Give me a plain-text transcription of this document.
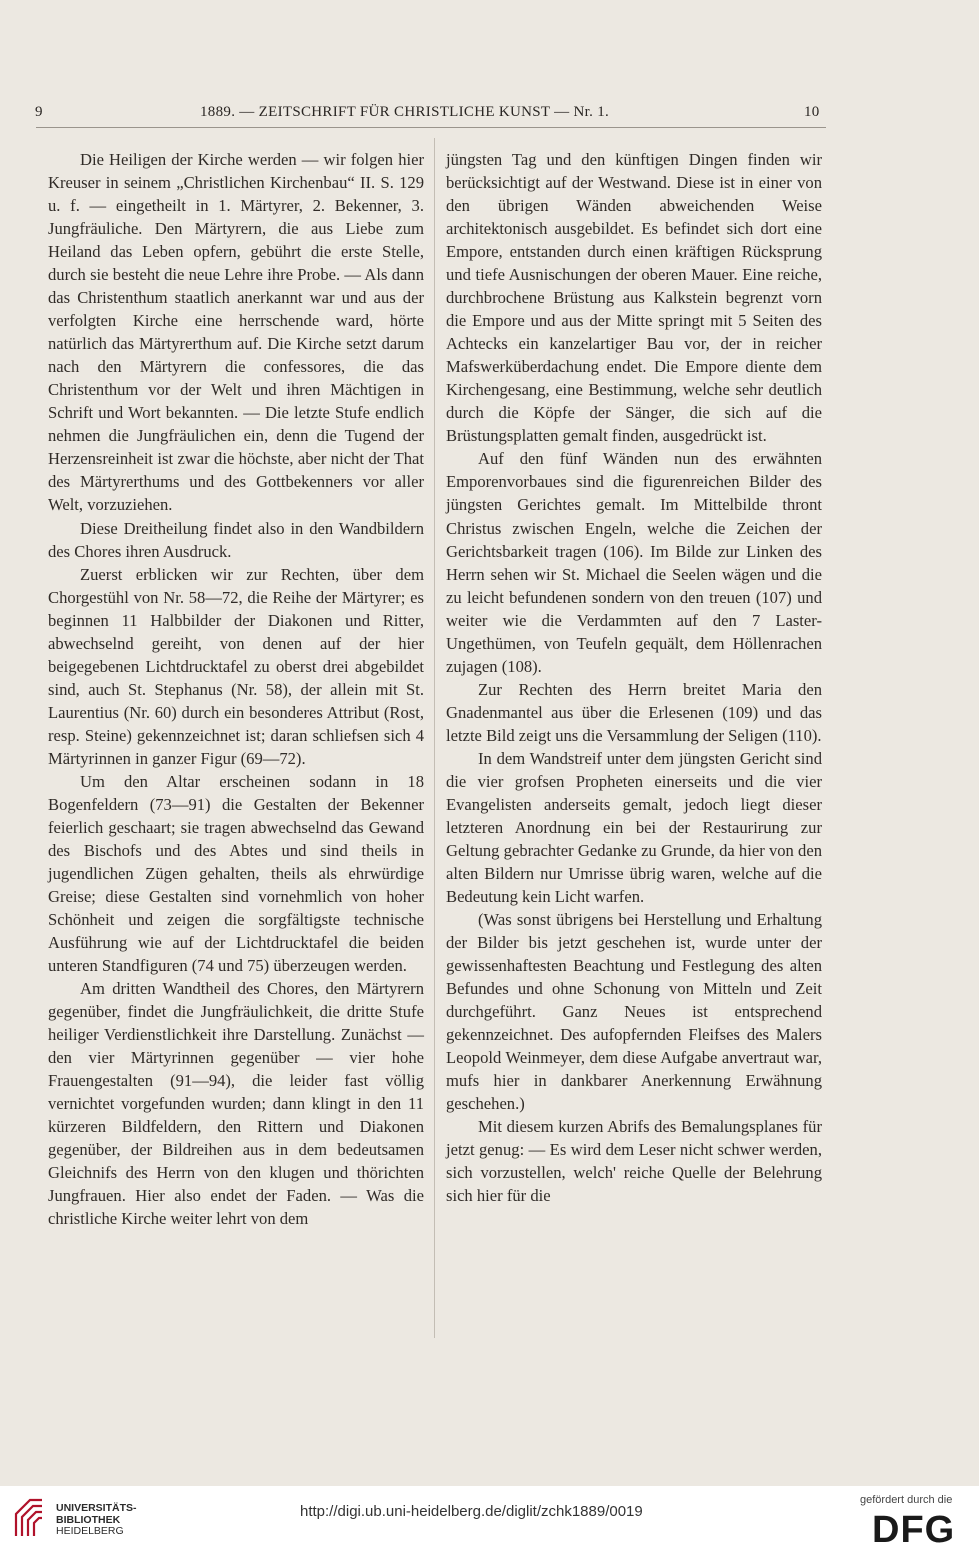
9	1889. — ZEITSCHRIFT FÜR CHRISTLICHE KUNST — Nr. 1.	10

Die Heiligen der Kirche werden — wir folgen hier Kreuser in seinem „Christlichen Kirchenbau“ II. S. 129 u. f. — eingetheilt in 1. Märtyrer, 2. Bekenner, 3. Jungfräuliche. Den Märtyrern, die aus Liebe zum Heiland das Leben opfern, gebührt die erste Stelle, durch sie besteht die neue Lehre ihre Probe. — Als dann das Christenthum staatlich anerkannt war und aus der verfolgten Kirche eine herrschende ward, hörte natürlich das Märtyrerthum auf. Die Kirche setzt darum nach den Märtyrern die confessores, die das Christenthum vor der Welt und ihren Mächtigen in Schrift und Wort bekannten. — Die letzte Stufe endlich nehmen die Jungfräulichen ein, denn die Tugend der Herzensreinheit ist zwar die höchste, aber nicht der That des Märtyrerthums und des Gottbekenners vor aller Welt, vorzuziehen.

Diese Dreitheilung findet also in den Wandbildern des Chores ihren Ausdruck.

Zuerst erblicken wir zur Rechten, über dem Chorgestühl von Nr. 58—72, die Reihe der Märtyrer; es beginnen 11 Halbbilder der Diakonen und Ritter, abwechselnd gereiht, von denen auf der hier beigegebenen Lichtdrucktafel zu oberst drei abgebildet sind, auch St. Stephanus (Nr. 58), der allein mit St. Laurentius (Nr. 60) durch ein besonderes Attribut (Rost, resp. Steine) gekennzeichnet ist; daran schliefsen sich 4 Märtyrinnen in ganzer Figur (69—72).

Um den Altar erscheinen sodann in 18 Bogenfeldern (73—91) die Gestalten der Bekenner feierlich geschaart; sie tragen abwechselnd das Gewand des Bischofs und des Abtes und sind theils in jugendlichen Zügen gehalten, theils als ehrwürdige Greise; diese Gestalten sind vornehmlich von hoher Schönheit und zeigen die sorgfältigste technische Ausführung wie auf der Lichtdrucktafel die beiden unteren Standfiguren (74 und 75) überzeugen werden.

Am dritten Wandtheil des Chores, den Märtyrern gegenüber, findet die Jungfräulichkeit, die dritte Stufe heiliger Verdienstlichkeit ihre Darstellung. Zunächst — den vier Märtyrinnen gegenüber — vier hohe Frauengestalten (91—94), die leider fast völlig vernichtet vorgefunden wurden; dann klingt in den 11 kürzeren Bildfeldern, den Rittern und Diakonen gegenüber, der Bildreihen aus in dem bedeutsamen Gleichnifs des Herrn von den klugen und thörichten Jungfrauen. Hier also endet der Faden. — Was die christliche Kirche weiter lehrt von dem

jüngsten Tag und den künftigen Dingen finden wir berücksichtigt auf der Westwand. Diese ist in einer von den übrigen Wänden abweichenden Weise architektonisch ausgebildet. Es befindet sich dort eine Empore, entstanden durch einen kräftigen Rücksprung und tiefe Ausnischungen der oberen Mauer. Eine reiche, durchbrochene Brüstung aus Kalkstein begrenzt vorn die Empore und aus der Mitte springt mit 5 Seiten des Achtecks ein kanzelartiger Bau vor, der in reicher Mafswerküberdachung endet. Die Empore diente dem Kirchengesang, eine Bestimmung, welche sehr deutlich durch die Köpfe der Sänger, die sich auf die Brüstungsplatten gemalt finden, ausgedrückt ist.

Auf den fünf Wänden nun des erwähnten Emporenvorbaues sind die figurenreichen Bilder des jüngsten Gerichtes gemalt. Im Mittelbilde thront Christus zwischen Engeln, welche die Zeichen der Gerichtsbarkeit tragen (106). Im Bilde zur Linken des Herrn sehen wir St. Michael die Seelen wägen und die zu leicht befundenen sondern von den treuen (107) und weiter wie die Verdammten auf den 7 Laster-Ungethümen, von Teufeln gequält, dem Höllenrachen zujagen (108).

Zur Rechten des Herrn breitet Maria den Gnadenmantel aus über die Erlesenen (109) und das letzte Bild zeigt uns die Versammlung der Seligen (110).

In dem Wandstreif unter dem jüngsten Gericht sind die vier grofsen Propheten einerseits und die vier Evangelisten anderseits gemalt, jedoch liegt dieser letzteren Anordnung ein bei der Restaurirung zur Geltung gebrachter Gedanke zu Grunde, da hier von den alten Bildern nur Umrisse übrig waren, welche auf die Bedeutung kein Licht warfen.

(Was sonst übrigens bei Herstellung und Erhaltung der Bilder bis jetzt geschehen ist, wurde unter der gewissenhaftesten Beachtung und Festlegung des alten Befundes und ohne Schonung von Mitteln und Zeit durchgeführt. Ganz Neues ist entsprechend gekennzeichnet. Des aufopfernden Fleifses des Malers Leopold Weinmeyer, dem diese Aufgabe anvertraut war, mufs hier in dankbarer Anerkennung Erwähnung geschehen.)

Mit diesem kurzen Abrifs des Bemalungsplanes für jetzt genug: — Es wird dem Leser nicht schwer werden, sich vorzustellen, welch' reiche Quelle der Belehrung sich hier für die

UNIVERSITÄTS-
BIBLIOTHEK
HEIDELBERG
http://digi.ub.uni-heidelberg.de/diglit/zchk1889/0019
gefördert durch die
DFG
